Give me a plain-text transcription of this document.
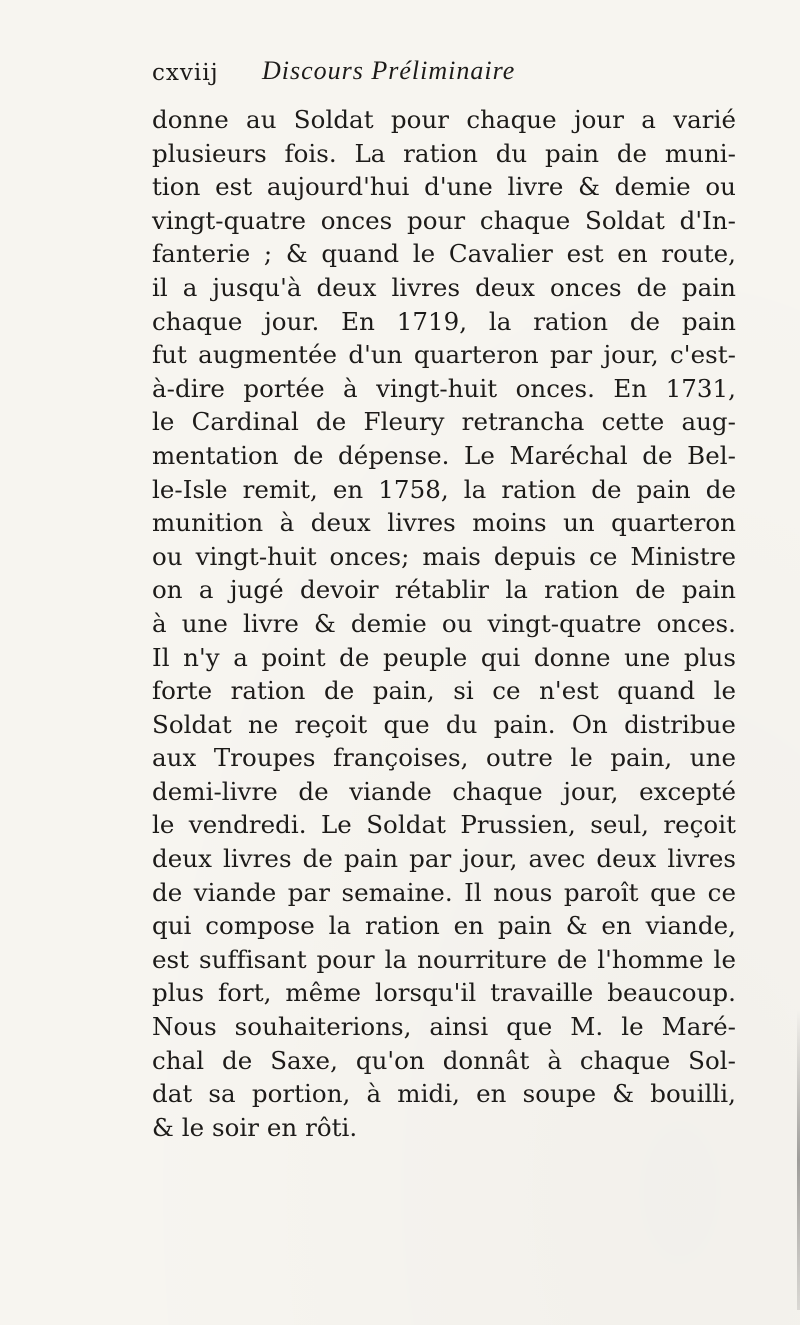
cxviij Discours Préliminaire
donne au Soldat pour chaque jour a varié
plusieurs fois. La ration du pain de muni-
tion est aujourd'hui d'une livre & demie ou
vingt-quatre onces pour chaque Soldat d'In-
fanterie ; & quand le Cavalier est en route,
il a jusqu'à deux livres deux onces de pain
chaque jour. En 1719, la ration de pain
fut augmentée d'un quarteron par jour, c'est-
à-dire portée à vingt-huit onces. En 1731,
le Cardinal de Fleury retrancha cette aug-
mentation de dépense. Le Maréchal de Bel-
le-Isle remit, en 1758, la ration de pain de
munition à deux livres moins un quarteron
ou vingt-huit onces; mais depuis ce Ministre
on a jugé devoir rétablir la ration de pain
à une livre & demie ou vingt-quatre onces.
Il n'y a point de peuple qui donne une plus
forte ration de pain, si ce n'est quand le
Soldat ne reçoit que du pain. On distribue
aux Troupes françoises, outre le pain, une
demi-livre de viande chaque jour, excepté
le vendredi. Le Soldat Prussien, seul, reçoit
deux livres de pain par jour, avec deux livres
de viande par semaine. Il nous paroît que ce
qui compose la ration en pain & en viande,
est suffisant pour la nourriture de l'homme le
plus fort, même lorsqu'il travaille beaucoup.
Nous souhaiterions, ainsi que M. le Maré-
chal de Saxe, qu'on donnât à chaque Sol-
dat sa portion, à midi, en soupe & bouilli,
& le soir en rôti.
